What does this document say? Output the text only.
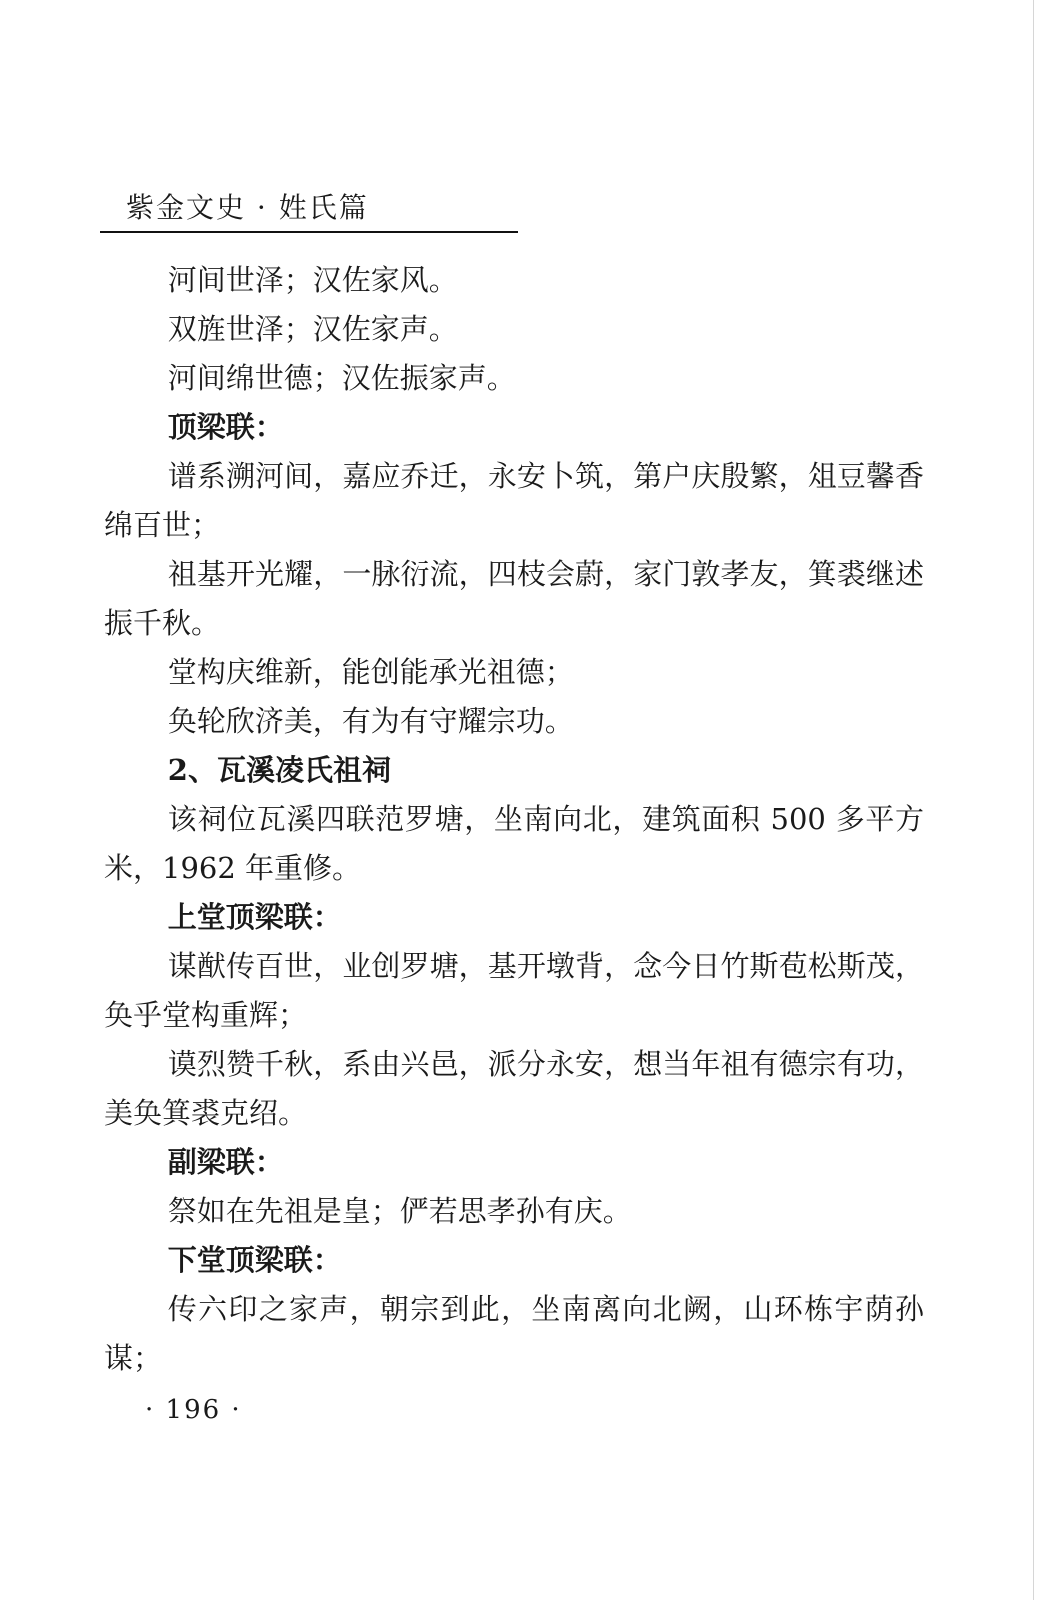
紫金文史 · 姓氏篇

河间世泽；汉佐家风。

双旌世泽；汉佐家声。

河间绵世德；汉佐振家声。

顶梁联：

谱系溯河间，嘉应乔迁，永安卜筑，第户庆殷繁，俎豆馨香绵百世；

祖基开光耀，一脉衍流，四枝会蔚，家门敦孝友，箕裘继述振千秋。

堂构庆维新，能创能承光祖德；

奂轮欣济美，有为有守耀宗功。

2、瓦溪凌氏祖祠

该祠位瓦溪四联范罗塘，坐南向北，建筑面积 500 多平方米，1962 年重修。

上堂顶梁联：

谋猷传百世，业创罗塘，基开墩背，念今日竹斯苞松斯茂，奂乎堂构重辉；

谟烈赞千秋，系由兴邑，派分永安，想当年祖有德宗有功，美奂箕裘克绍。

副梁联：

祭如在先祖是皇；俨若思孝孙有庆。

下堂顶梁联：

传六印之家声，朝宗到此，坐南离向北阙，山环栋宇荫孙谋；

· 196 ·
